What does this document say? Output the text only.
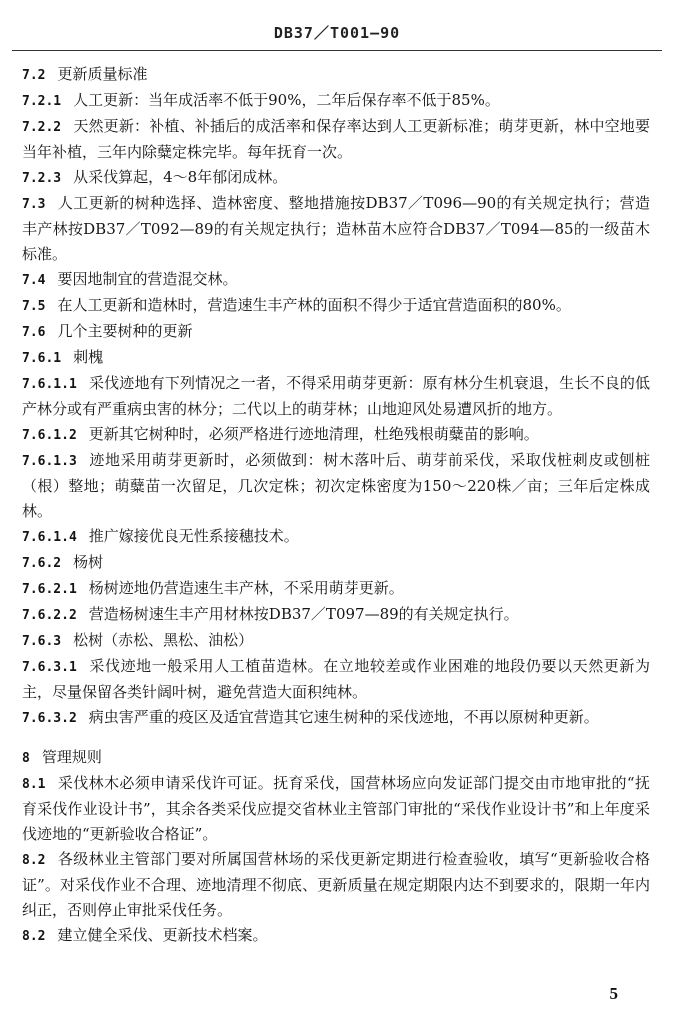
DB37／T001—90

7.2 更新质量标准

7.2.1 人工更新：当年成活率不低于90%，二年后保存率不低于85%。

7.2.2 天然更新：补植、补插后的成活率和保存率达到人工更新标准；萌芽更新，林中空地要当年补植，三年内除糵定株完毕。每年抚育一次。

7.2.3 从采伐算起，4～8年郁闭成林。

7.3 人工更新的树种选择、造林密度、整地措施按DB37／T096—90的有关规定执行；营造丰产林按DB37／T092—89的有关规定执行；造林苗木应符合DB37／T094—85的一级苗木标准。

7.4 要因地制宜的营造混交林。

7.5 在人工更新和造林时，营造速生丰产林的面积不得少于适宜营造面积的80%。

7.6 几个主要树种的更新

7.6.1 刺槐

7.6.1.1 采伐迹地有下列情况之一者，不得采用萌芽更新：原有林分生机衰退，生长不良的低产林分或有严重病虫害的林分；二代以上的萌芽林；山地迎风处易遭风折的地方。

7.6.1.2 更新其它树种时，必须严格进行迹地清理，杜绝残根萌糵苗的影响。

7.6.1.3 迹地采用萌芽更新时，必须做到：树木落叶后、萌芽前采伐，采取伐桩刺皮或刨桩（根）整地；萌糵苗一次留足，几次定株；初次定株密度为150～220株／亩；三年后定株成林。

7.6.1.4 推广嫁接优良无性系接穗技术。

7.6.2 杨树

7.6.2.1 杨树迹地仍营造速生丰产林，不采用萌芽更新。

7.6.2.2 营造杨树速生丰产用材林按DB37／T097—89的有关规定执行。

7.6.3 松树（赤松、黑松、油松）

7.6.3.1 采伐迹地一般采用人工植苗造林。在立地较差或作业困难的地段仍要以天然更新为主，尽量保留各类针阔叶树，避免营造大面积纯林。

7.6.3.2 病虫害严重的疫区及适宜营造其它速生树种的采伐迹地，不再以原树种更新。

8 管理规则

8.1 采伐林木必须申请采伐许可证。抚育采伐，国营林场应向发证部门提交由市地审批的“抚育采伐作业设计书”，其余各类采伐应提交省林业主管部门审批的“采伐作业设计书”和上年度采伐迹地的“更新验收合格证”。

8.2 各级林业主管部门要对所属国营林场的采伐更新定期进行检查验收，填写“更新验收合格证”。对采伐作业不合理、迹地清理不彻底、更新质量在规定期限内达不到要求的，限期一年内纠正，否则停止审批采伐任务。

8.2 建立健全采伐、更新技术档案。

5
